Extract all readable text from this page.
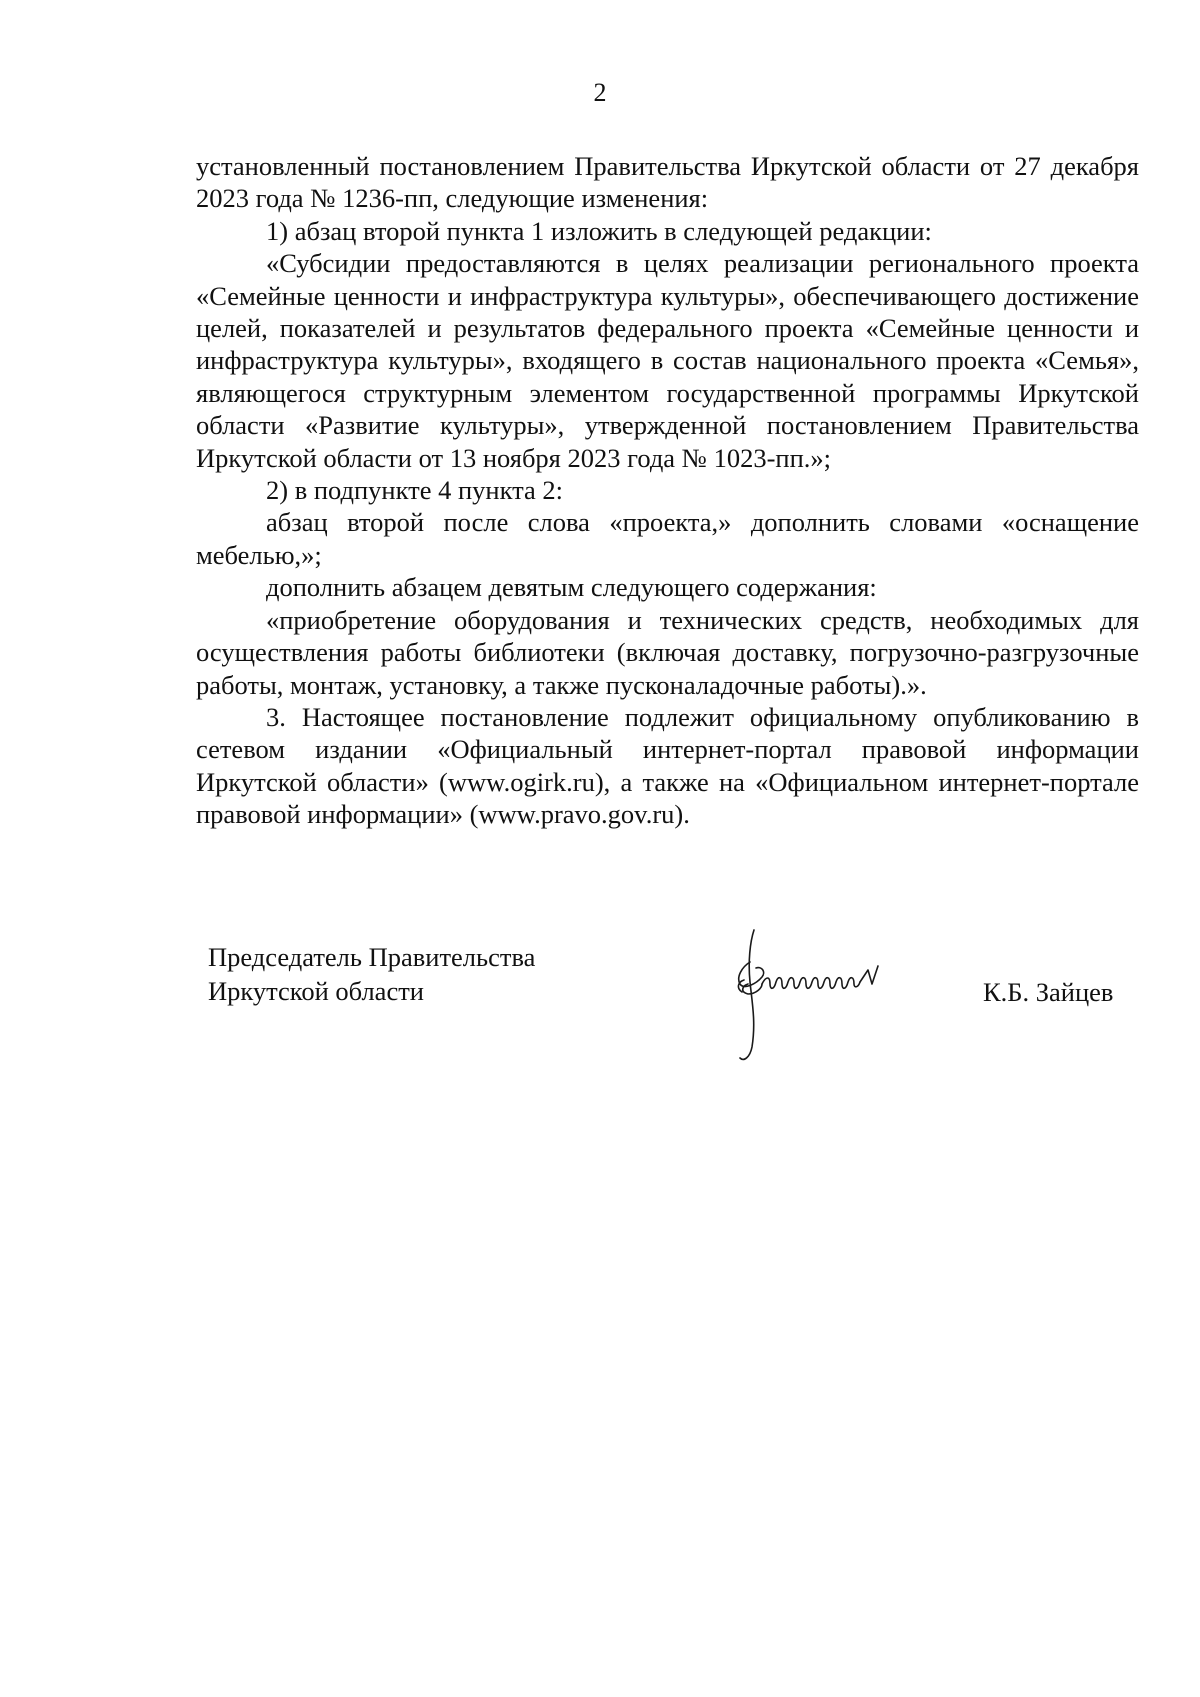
2

установленный постановлением Правительства Иркутской области от 27 декабря 2023 года № 1236-пп, следующие изменения:

1) абзац второй пункта 1 изложить в следующей редакции:

«Субсидии предоставляются в целях реализации регионального проекта «Семейные ценности и инфраструктура культуры», обеспечивающего достижение целей, показателей и результатов федерального проекта «Семейные ценности и инфраструктура культуры», входящего в состав национального проекта «Семья», являющегося структурным элементом государственной программы Иркутской области «Развитие культуры», утвержденной постановлением Правительства Иркутской области от 13 ноября 2023 года № 1023-пп.»;

2) в подпункте 4 пункта 2:

абзац второй после слова «проекта,» дополнить словами «оснащение мебелью,»;

дополнить абзацем девятым следующего содержания:

«приобретение оборудования и технических средств, необходимых для осуществления работы библиотеки (включая доставку, погрузочно-разгрузочные работы, монтаж, установку, а также пусконаладочные работы).».

3. Настоящее постановление подлежит официальному опубликованию в сетевом издании «Официальный интернет-портал правовой информации Иркутской области» (www.ogirk.ru), а также на «Официальном интернет-портале правовой информации» (www.pravo.gov.ru).

Председатель Правительства
Иркутской области	К.Б. Зайцев
